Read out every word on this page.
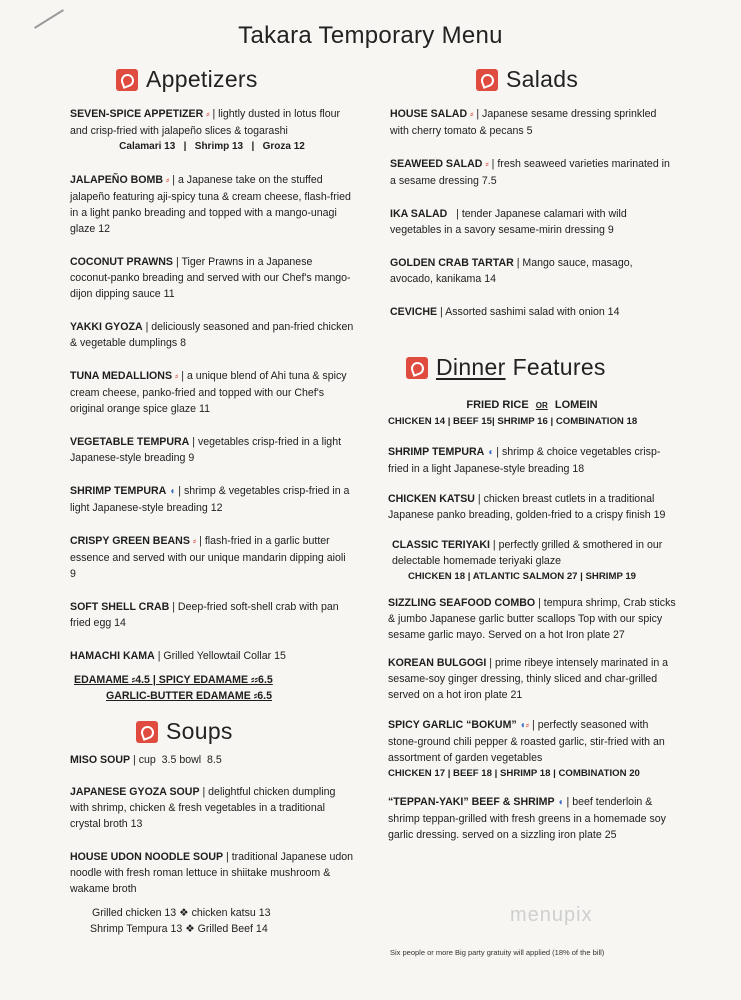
Takara Temporary Menu
Appetizers
SEVEN-SPICE APPETIZER ⸗ | lightly dusted in lotus flour and crisp-fried with jalapeño slices & togarashi
Calamari 13   |   Shrimp 13   |   Groza 12
JALAPEÑO BOMB ⸗ | a Japanese take on the stuffed jalapeño featuring aji-spicy tuna & cream cheese, flash-fried in a light panko breading and topped with a mango-unagi glaze 12
COCONUT PRAWNS | Tiger Prawns in a Japanese coconut-panko breading and served with our Chef's mango-dijon dipping sauce 11
YAKKI GYOZA | deliciously seasoned and pan-fried chicken & vegetable dumplings 8
TUNA MEDALLIONS ⸗ | a unique blend of Ahi tuna & spicy cream cheese, panko-fried and topped with our Chef's original orange spice glaze 11
VEGETABLE TEMPURA | vegetables crisp-fried in a light Japanese-style breading 9
SHRIMP TEMPURA ◖ | shrimp & vegetables crisp-fried in a light Japanese-style breading 12
CRISPY GREEN BEANS ⸗ | flash-fried in a garlic butter essence and served with our unique mandarin dipping aioli 9
SOFT SHELL CRAB | Deep-fried soft-shell crab with pan fried egg 14
HAMACHI KAMA | Grilled Yellowtail Collar 15
EDAMAME ⸗4.5 | SPICY EDAMAME ⸗⸗6.5
GARLIC-BUTTER EDAMAME ⸗6.5
Soups
MISO SOUP | cup  3.5 bowl  8.5
JAPANESE GYOZA SOUP | delightful chicken dumpling with shrimp, chicken & fresh vegetables in a traditional crystal broth 13
HOUSE UDON NOODLE SOUP | traditional Japanese udon noodle with fresh roman lettuce in shiitake mushroom & wakame broth
Grilled chicken 13 ❖ chicken katsu 13
Shrimp Tempura 13 ❖ Grilled Beef 14
Salads
HOUSE SALAD ⸗ | Japanese sesame dressing sprinkled with cherry tomato & pecans 5
SEAWEED SALAD ⸗ | fresh seaweed varieties marinated in a sesame dressing 7.5
IKA SALAD   | tender Japanese calamari with wild vegetables in a savory sesame-mirin dressing 9
GOLDEN CRAB TARTAR | Mango sauce, masago, avocado, kanikama 14
CEVICHE | Assorted sashimi salad with onion 14
Dinner Features
FRIED RICE OR LOMEIN
CHICKEN 14 | BEEF 15| SHRIMP 16 | COMBINATION 18
SHRIMP TEMPURA ◖ | shrimp & choice vegetables crisp-fried in a light Japanese-style breading 18
CHICKEN KATSU | chicken breast cutlets in a traditional Japanese panko breading, golden-fried to a crispy finish 19
CLASSIC TERIYAKI | perfectly grilled & smothered in our delectable homemade teriyaki glaze
CHICKEN 18 | ATLANTIC SALMON 27 | SHRIMP 19
SIZZLING SEAFOOD COMBO | tempura shrimp, Crab sticks & jumbo Japanese garlic butter scallops Top with our spicy sesame garlic mayo. Served on a hot Iron plate 27
KOREAN BULGOGI | prime ribeye intensely marinated in a sesame-soy ginger dressing, thinly sliced and char-grilled served on a hot iron plate 21
SPICY GARLIC “BOKUM” ◖⸗ | perfectly seasoned with stone-ground chili pepper & roasted garlic, stir-fried with an assortment of garden vegetables
CHICKEN 17 | BEEF 18 | SHRIMP 18 | COMBINATION 20
“TEPPAN-YAKI” BEEF & SHRIMP ◖ | beef tenderloin & shrimp teppan-grilled with fresh greens in a homemade soy garlic dressing. served on a sizzling iron plate 25
menupix
Six people or more Big party gratuity will applied (18% of the bill)
